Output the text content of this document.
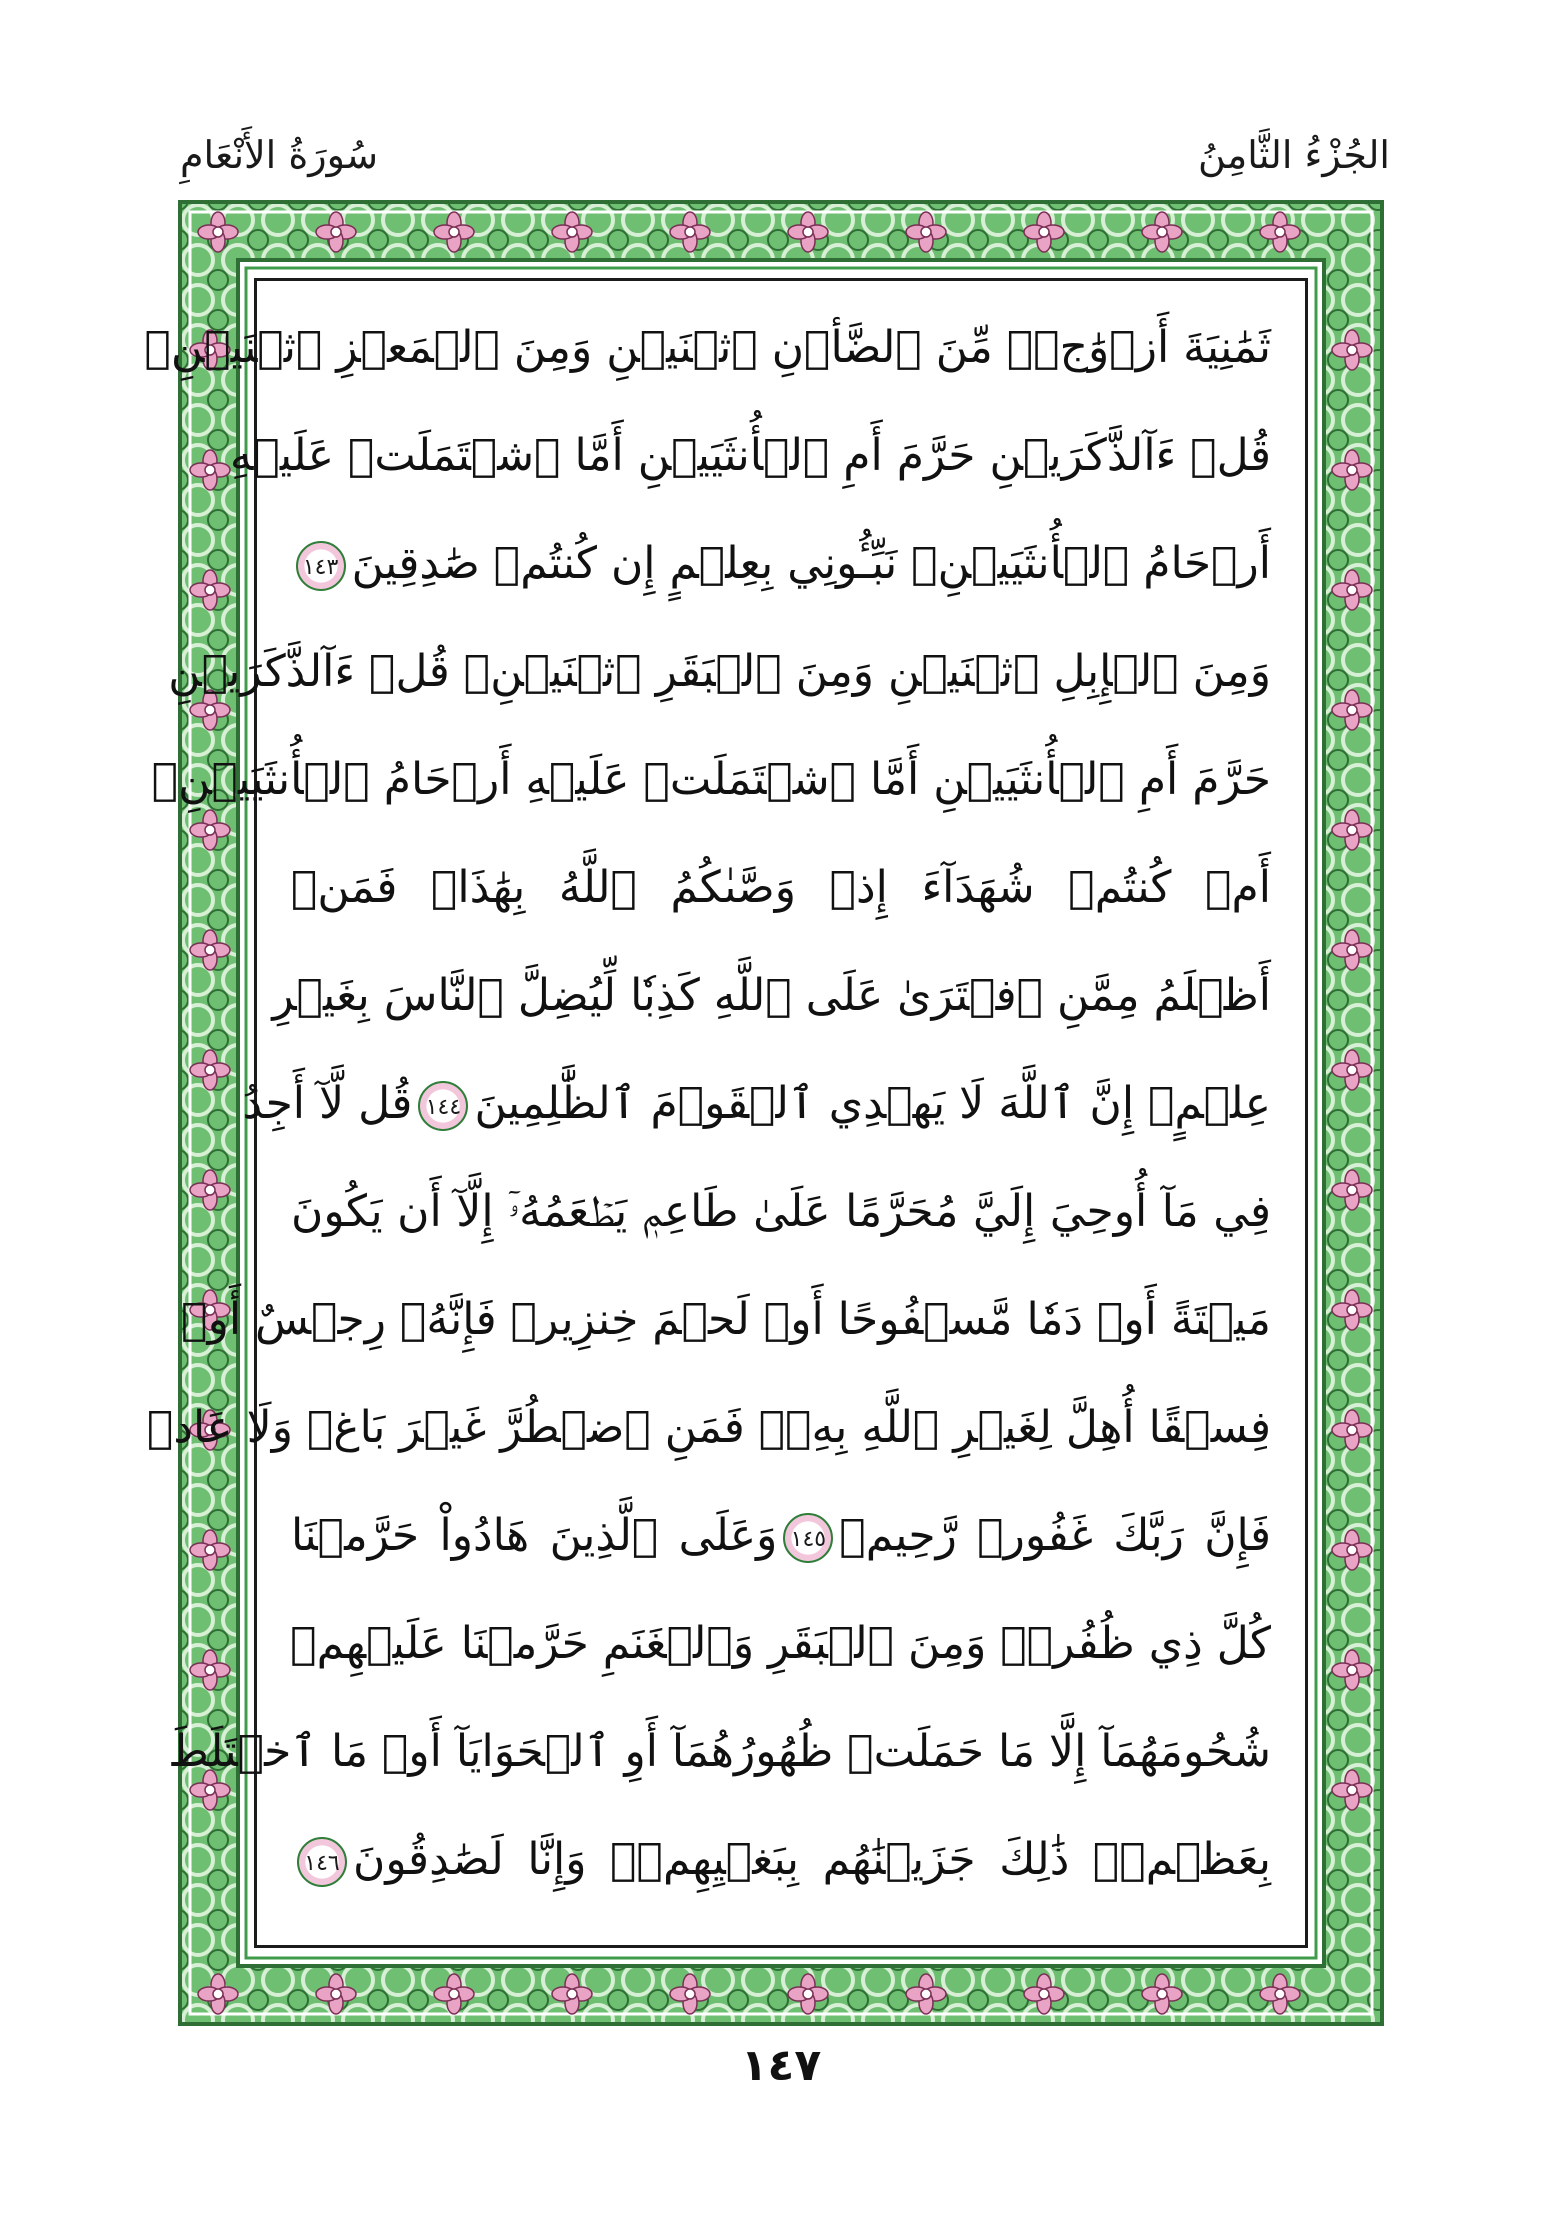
الجُزْءُ الثَّامِنُ
سُورَةُ الأَنْعَامِ
ثَمَٰنِيَةَ أَزۡوَٰجٖۖ مِّنَ ٱلضَّأۡنِ ٱثۡنَيۡنِ وَمِنَ ٱلۡمَعۡزِ ٱثۡنَيۡنِۗ
قُلۡ ءَآلذَّكَرَيۡنِ حَرَّمَ أَمِ ٱلۡأُنثَيَيۡنِ أَمَّا ٱشۡتَمَلَتۡ عَلَيۡهِ
أَرۡحَامُ ٱلۡأُنثَيَيۡنِۖ نَبِّـُٔونِي بِعِلۡمٍ إِن كُنتُمۡ صَٰدِقِينَ١٤٣
وَمِنَ ٱلۡإِبِلِ ٱثۡنَيۡنِ وَمِنَ ٱلۡبَقَرِ ٱثۡنَيۡنِۗ قُلۡ ءَآلذَّكَرَيۡنِ
حَرَّمَ أَمِ ٱلۡأُنثَيَيۡنِ أَمَّا ٱشۡتَمَلَتۡ عَلَيۡهِ أَرۡحَامُ ٱلۡأُنثَيَيۡنِۖ
أَمۡ كُنتُمۡ شُهَدَآءَ إِذۡ وَصَّىٰكُمُ ٱللَّهُ بِهَٰذَاۚ فَمَنۡ
أَظۡلَمُ مِمَّنِ ٱفۡتَرَىٰ عَلَى ٱللَّهِ كَذِبٗا لِّيُضِلَّ ٱلنَّاسَ بِغَيۡرِ
عِلۡمٍۚ إِنَّ ٱللَّهَ لَا يَهۡدِي ٱلۡقَوۡمَ ٱلظَّٰلِمِينَ١٤٤قُل لَّآ أَجِدُ
فِي مَآ أُوحِيَ إِلَيَّ مُحَرَّمًا عَلَىٰ طَاعِمٖ يَطۡعَمُهُۥٓ إِلَّآ أَن يَكُونَ
مَيۡتَةً أَوۡ دَمٗا مَّسۡفُوحًا أَوۡ لَحۡمَ خِنزِيرٖ فَإِنَّهُۥ رِجۡسٌ أَوۡ
فِسۡقًا أُهِلَّ لِغَيۡرِ ٱللَّهِ بِهِۦۚ فَمَنِ ٱضۡطُرَّ غَيۡرَ بَاغٖ وَلَا عَادٖ
فَإِنَّ رَبَّكَ غَفُورٞ رَّحِيمٞ١٤٥وَعَلَى ٱلَّذِينَ هَادُواْ حَرَّمۡنَا
كُلَّ ذِي ظُفُرٖۖ وَمِنَ ٱلۡبَقَرِ وَٱلۡغَنَمِ حَرَّمۡنَا عَلَيۡهِمۡ
شُحُومَهُمَآ إِلَّا مَا حَمَلَتۡ ظُهُورُهُمَآ أَوِ ٱلۡحَوَايَآ أَوۡ مَا ٱخۡتَلَطَ
بِعَظۡمٖۚ ذَٰلِكَ جَزَيۡنَٰهُم بِبَغۡيِهِمۡۖ وَإِنَّا لَصَٰدِقُونَ١٤٦
١٤٧
